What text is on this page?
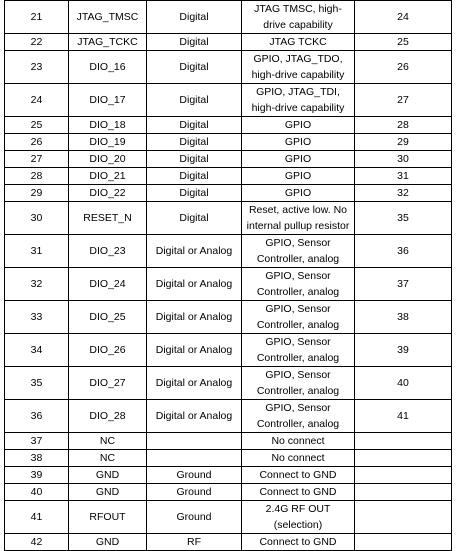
21	JTAG_TMSC	Digital	JTAG TMSC, high-
drive capability	24
22	JTAG_TCKC	Digital	JTAG TCKC	25
23	DIO_16	Digital	GPIO, JTAG_TDO,
high-drive capability	26
24	DIO_17	Digital	GPIO, JTAG_TDI,
high-drive capability	27
25	DIO_18	Digital	GPIO	28
26	DIO_19	Digital	GPIO	29
27	DIO_20	Digital	GPIO	30
28	DIO_21	Digital	GPIO	31
29	DIO_22	Digital	GPIO	32
30	RESET_N	Digital	Reset, active low. No
internal pullup resistor	35
31	DIO_23	Digital or Analog	GPIO, Sensor
Controller, analog	36
32	DIO_24	Digital or Analog	GPIO, Sensor
Controller, analog	37
33	DIO_25	Digital or Analog	GPIO, Sensor
Controller, analog	38
34	DIO_26	Digital or Analog	GPIO, Sensor
Controller, analog	39
35	DIO_27	Digital or Analog	GPIO, Sensor
Controller, analog	40
36	DIO_28	Digital or Analog	GPIO, Sensor
Controller, analog	41
37	NC		No connect	
38	NC		No connect	
39	GND	Ground	Connect to GND	
40	GND	Ground	Connect to GND	
41	RFOUT	Ground	2.4G RF OUT
(selection)	
42	GND	RF	Connect to GND	
